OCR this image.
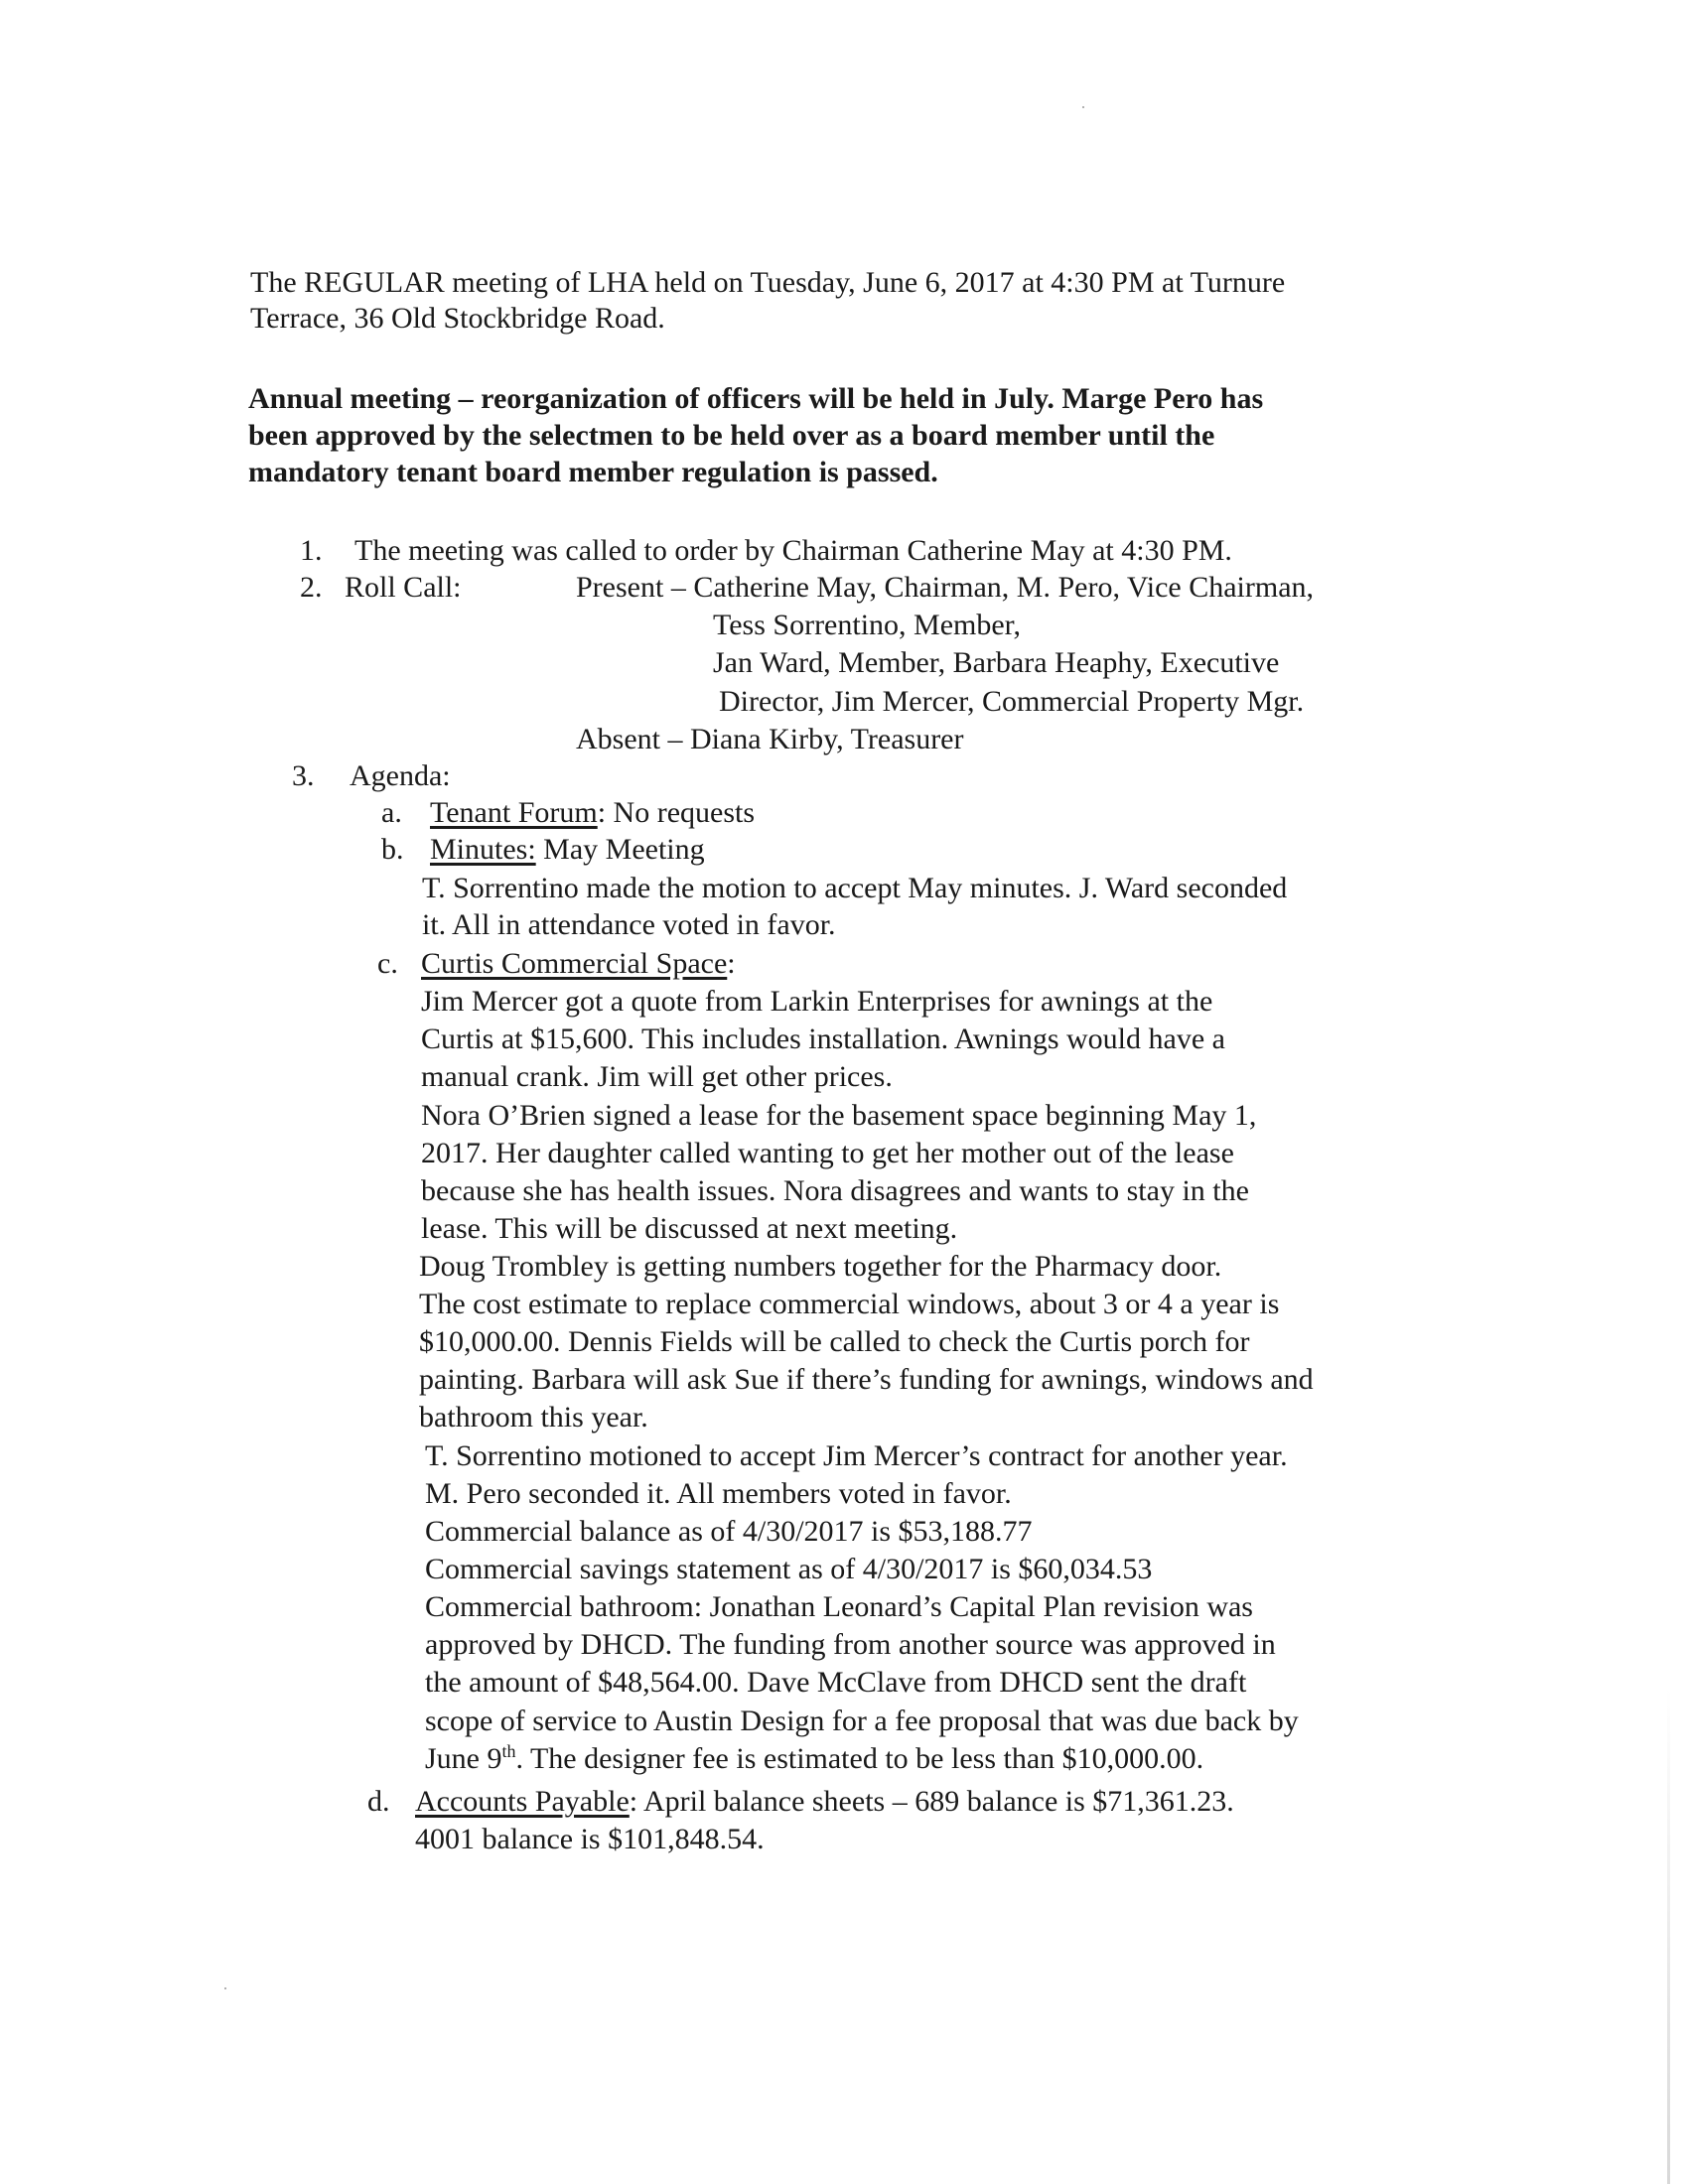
The REGULAR meeting of LHA held on Tuesday, June 6, 2017 at 4:30 PM at Turnure
Terrace, 36 Old Stockbridge Road.
Annual meeting – reorganization of officers will be held in July. Marge Pero has
been approved by the selectmen to be held over as a board member until the
mandatory tenant board member regulation is passed.
1. The meeting was called to order by Chairman Catherine May at 4:30 PM.
2. Roll Call:	Present – Catherine May, Chairman, M. Pero, Vice Chairman,
Tess Sorrentino, Member,
Jan Ward, Member, Barbara Heaphy, Executive
Director, Jim Mercer, Commercial Property Mgr.
Absent – Diana Kirby, Treasurer
3. Agenda:
a. Tenant Forum: No requests
b. Minutes: May Meeting
T. Sorrentino made the motion to accept May minutes. J. Ward seconded
it. All in attendance voted in favor.
c. Curtis Commercial Space:
Jim Mercer got a quote from Larkin Enterprises for awnings at the
Curtis at $15,600. This includes installation. Awnings would have a
manual crank. Jim will get other prices.
Nora O’Brien signed a lease for the basement space beginning May 1,
2017. Her daughter called wanting to get her mother out of the lease
because she has health issues. Nora disagrees and wants to stay in the
lease. This will be discussed at next meeting.
Doug Trombley is getting numbers together for the Pharmacy door.
The cost estimate to replace commercial windows, about 3 or 4 a year is
$10,000.00. Dennis Fields will be called to check the Curtis porch for
painting. Barbara will ask Sue if there’s funding for awnings, windows and
bathroom this year.
T. Sorrentino motioned to accept Jim Mercer’s contract for another year.
M. Pero seconded it. All members voted in favor.
Commercial balance as of 4/30/2017 is $53,188.77
Commercial savings statement as of 4/30/2017 is $60,034.53
Commercial bathroom: Jonathan Leonard’s Capital Plan revision was
approved by DHCD. The funding from another source was approved in
the amount of $48,564.00. Dave McClave from DHCD sent the draft
scope of service to Austin Design for a fee proposal that was due back by
June 9th. The designer fee is estimated to be less than $10,000.00.
d. Accounts Payable: April balance sheets – 689 balance is $71,361.23.
4001 balance is $101,848.54.
